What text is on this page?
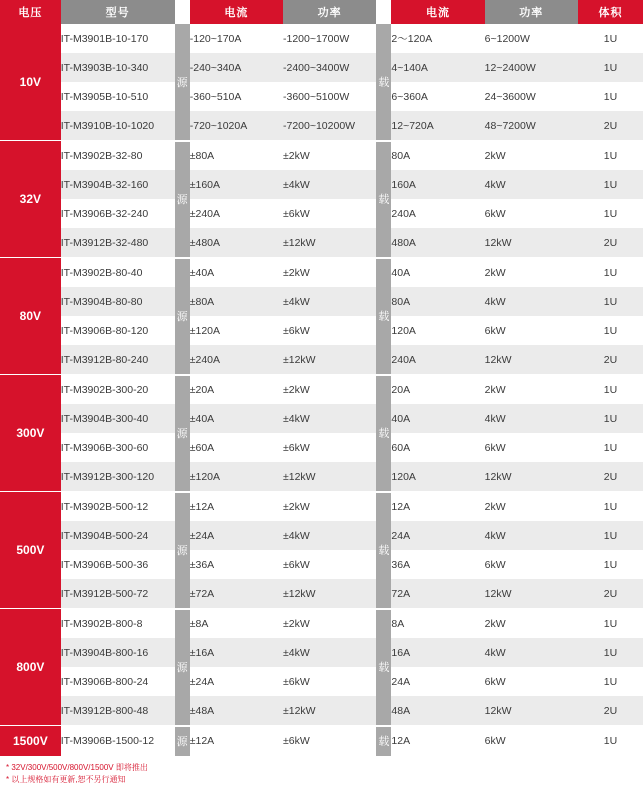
电压	型号		电流	功率		电流	功率	体积
10V	IT-M3901B-10-170	源	-120~170A	-1200~1700W	载	2～120A	6~1200W	1U
	IT-M3903B-10-340		-240~340A	-2400~3400W		4~140A	12~2400W	1U
	IT-M3905B-10-510		-360~510A	-3600~5100W		6~360A	24~3600W	1U
	IT-M3910B-10-1020		-720~1020A	-7200~10200W		12~720A	48~7200W	2U
32V	IT-M3902B-32-80	源	±80A	±2kW	载	80A	2kW	1U
	IT-M3904B-32-160		±160A	±4kW		160A	4kW	1U
	IT-M3906B-32-240		±240A	±6kW		240A	6kW	1U
	IT-M3912B-32-480		±480A	±12kW		480A	12kW	2U
80V	IT-M3902B-80-40	源	±40A	±2kW	载	40A	2kW	1U
	IT-M3904B-80-80		±80A	±4kW		80A	4kW	1U
	IT-M3906B-80-120		±120A	±6kW		120A	6kW	1U
	IT-M3912B-80-240		±240A	±12kW		240A	12kW	2U
300V	IT-M3902B-300-20	源	±20A	±2kW	载	20A	2kW	1U
	IT-M3904B-300-40		±40A	±4kW		40A	4kW	1U
	IT-M3906B-300-60		±60A	±6kW		60A	6kW	1U
	IT-M3912B-300-120		±120A	±12kW		120A	12kW	2U
500V	IT-M3902B-500-12	源	±12A	±2kW	载	12A	2kW	1U
	IT-M3904B-500-24		±24A	±4kW		24A	4kW	1U
	IT-M3906B-500-36		±36A	±6kW		36A	6kW	1U
	IT-M3912B-500-72		±72A	±12kW		72A	12kW	2U
800V	IT-M3902B-800-8	源	±8A	±2kW	载	8A	2kW	1U
	IT-M3904B-800-16		±16A	±4kW		16A	4kW	1U
	IT-M3906B-800-24		±24A	±6kW		24A	6kW	1U
	IT-M3912B-800-48		±48A	±12kW		48A	12kW	2U
1500V	IT-M3906B-1500-12	源	±12A	±6kW	载	12A	6kW	1U
* 32V/300V/500V/800V/1500V 即将推出
* 以上规格如有更新,恕不另行通知
